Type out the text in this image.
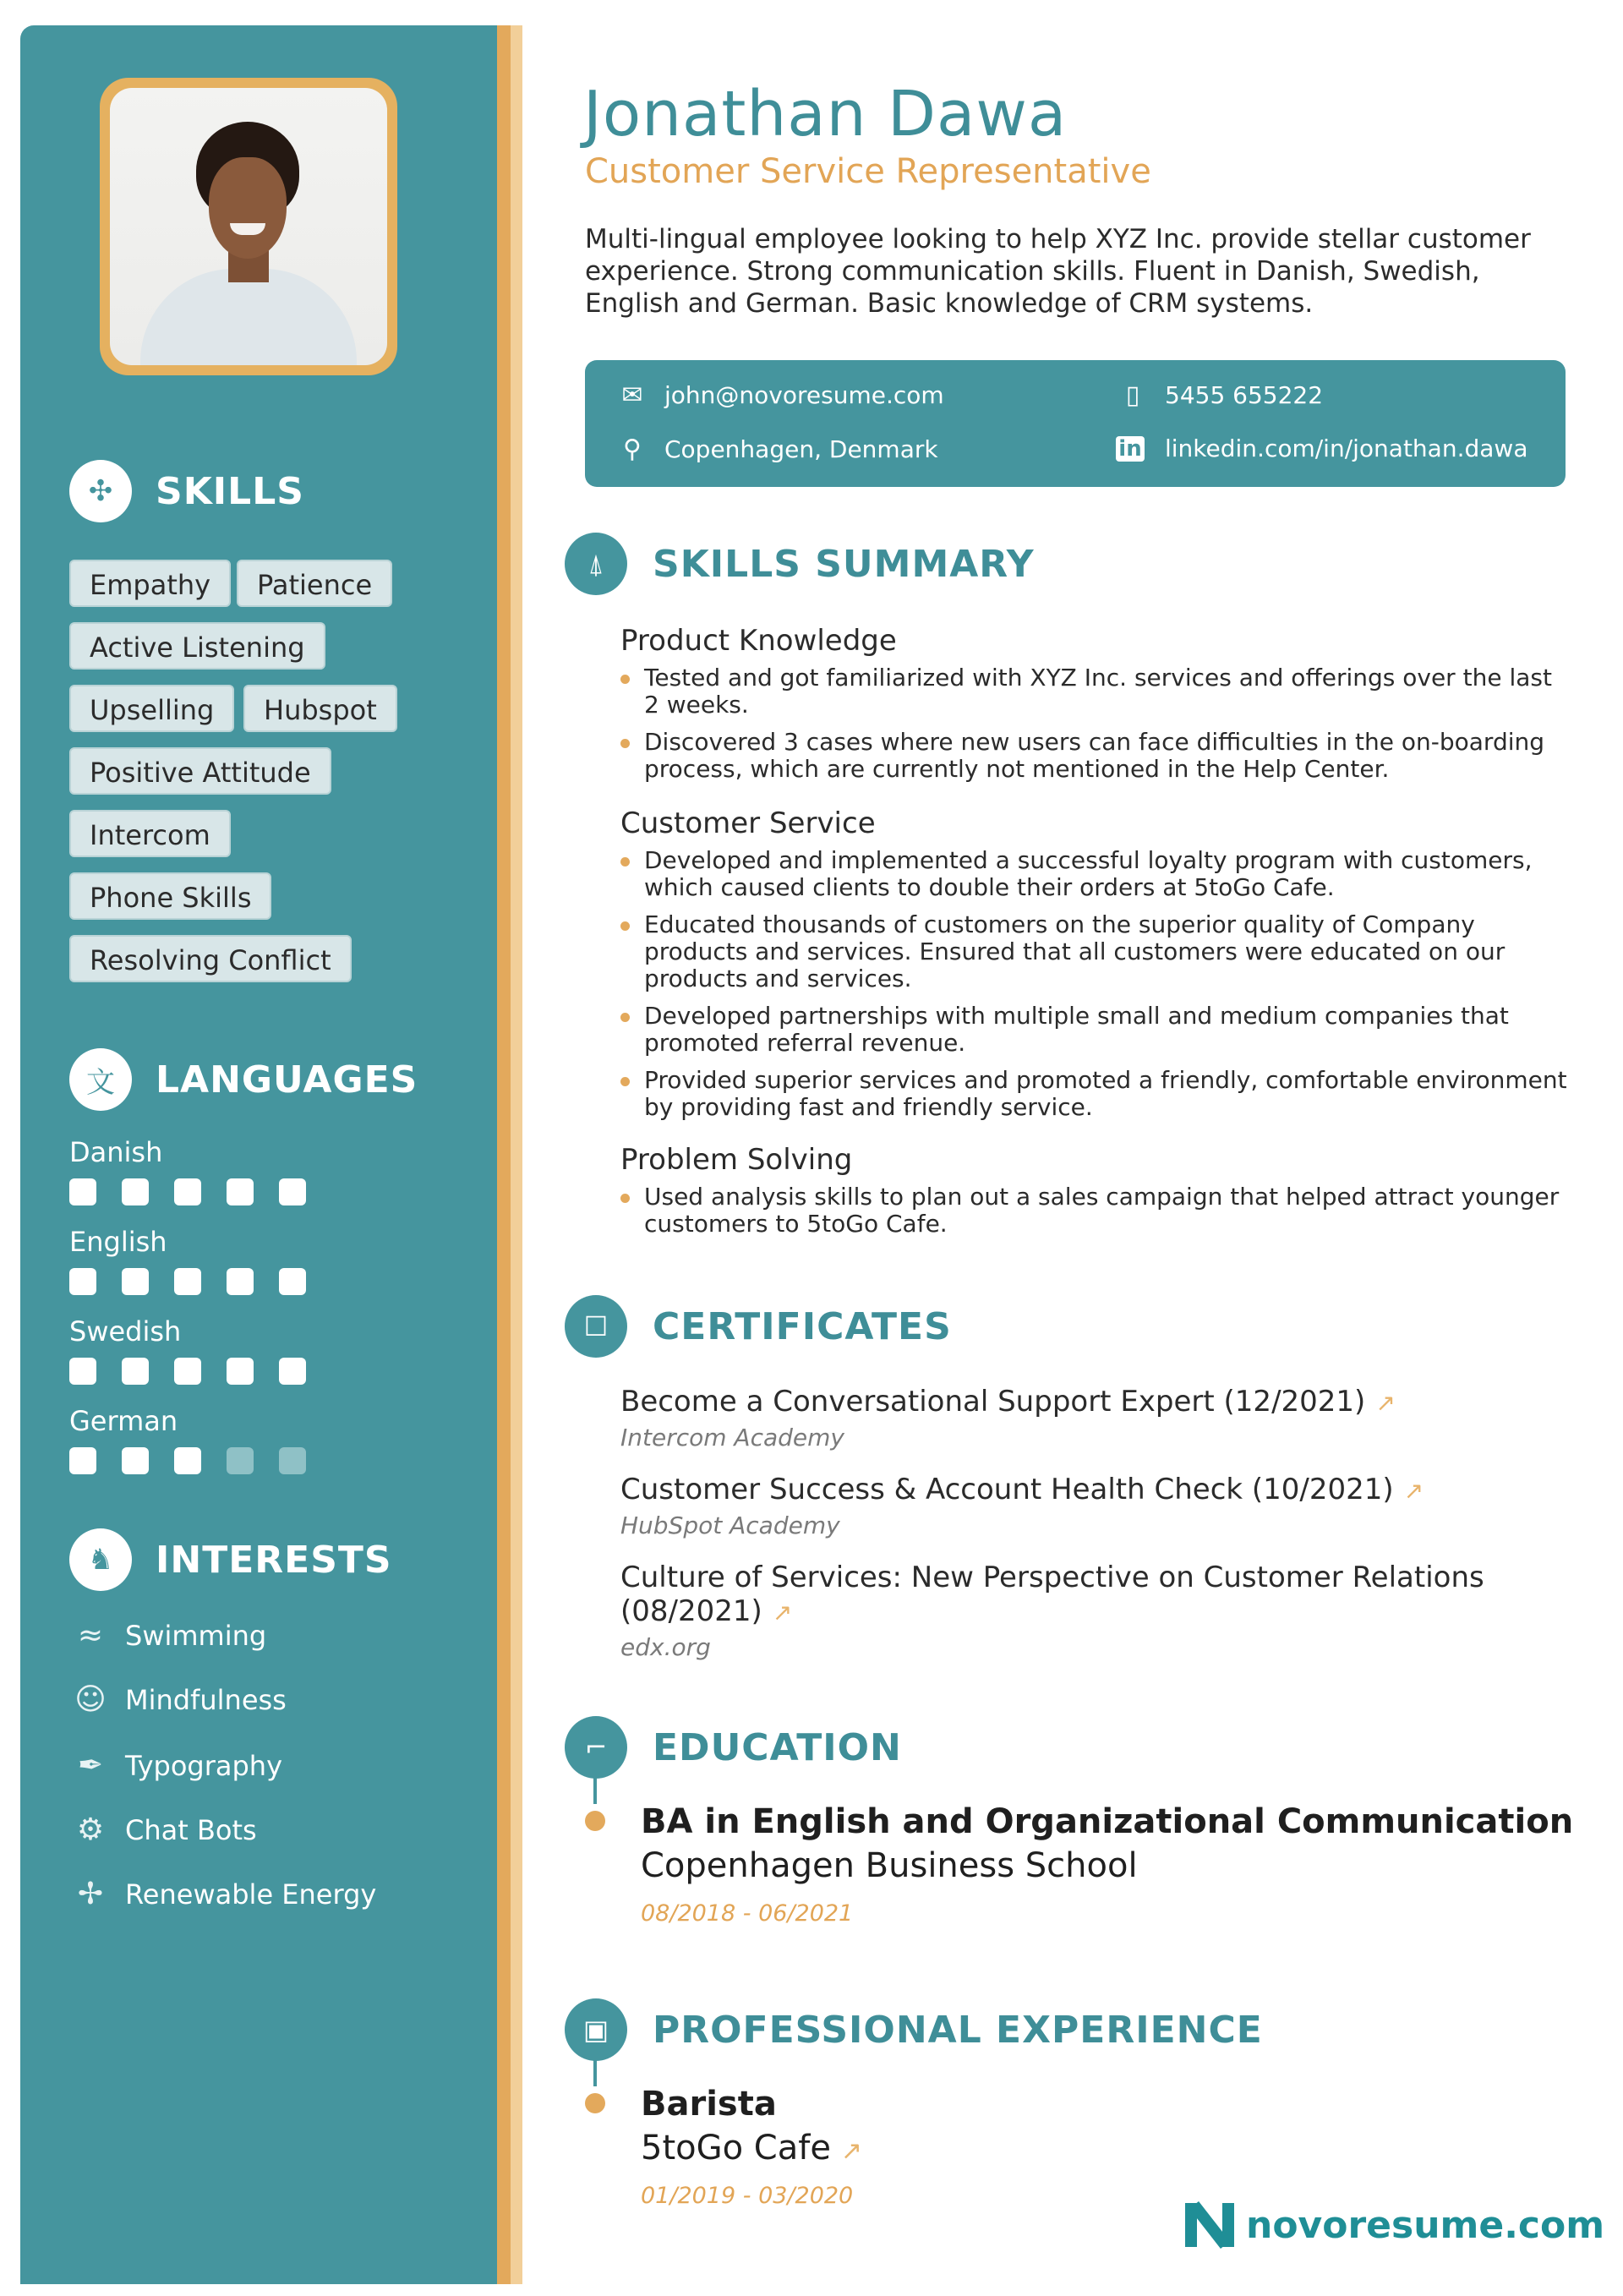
✣	SKILLS
Empathy	Patience
Active Listening
Upselling	Hubspot
Positive Attitude
Intercom
Phone Skills
Resolving Conflict
文	LANGUAGES
Danish
English
Swedish
German
♞	INTERESTS
≈ Swimming
☺ Mindfulness
✒ Typography
⚙ Chat Bots
✢ Renewable Energy
Jonathan Dawa
Customer Service Representative
Multi-lingual employee looking to help XYZ Inc. provide stellar customer experience. Strong communication skills. Fluent in Danish, Swedish, English and German. Basic knowledge of CRM systems.
✉ john@novoresume.com	▯	5455 655222
⚲ Copenhagen, Denmark	in linkedin.com/in/jonathan.dawa
⍋	SKILLS SUMMARY
Product Knowledge
Tested and got familiarized with XYZ Inc. services and offerings over the last 2 weeks.
Discovered 3 cases where new users can face difficulties in the on-boarding process, which are currently not mentioned in the Help Center.
Customer Service
Developed and implemented a successful loyalty program with customers, which caused clients to double their orders at 5toGo Cafe.
Educated thousands of customers on the superior quality of Company products and services. Ensured that all customers were educated on our products and services.
Developed partnerships with multiple small and medium companies that promoted referral revenue.
Provided superior services and promoted a friendly, comfortable environment by providing fast and friendly service.
Problem Solving
Used analysis skills to plan out a sales campaign that helped attract younger customers to 5toGo Cafe.
☐	CERTIFICATES
Become a Conversational Support Expert (12/2021) ↗
Intercom Academy
Customer Success & Account Health Check (10/2021) ↗
HubSpot Academy
Culture of Services: New Perspective on Customer Relations (08/2021) ↗
edx.org
⌐	EDUCATION
BA in English and Organizational Communication
Copenhagen Business School
08/2018 - 06/2021
▣	PROFESSIONAL EXPERIENCE
Barista
5toGo Cafe ↗
01/2019 - 03/2020
novoresume.com
